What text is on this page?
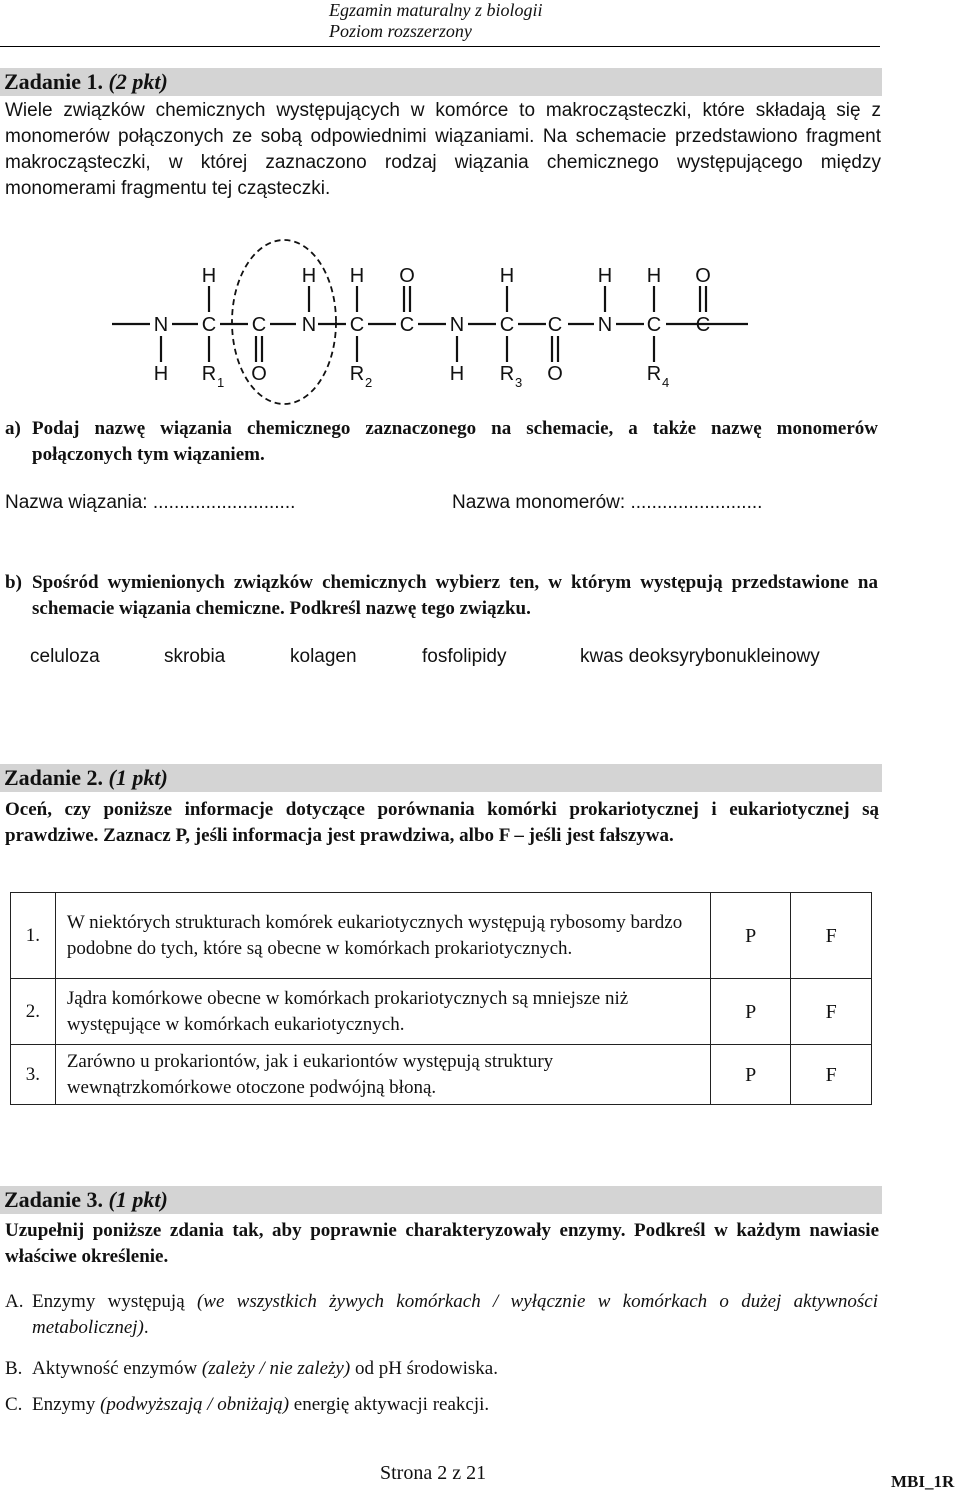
Egzamin maturalny z biologii
Poziom rozszerzony
Zadanie 1. (2 pkt)
Wiele związków chemicznych występujących w komórce to makrocząsteczki, które składają się z monomerów połączonych ze sobą odpowiednimi wiązaniami. Na schemacie przedstawiono fragment makrocząsteczki, w której zaznaczono rodzaj wiązania chemicznego występującego między monomerami fragmentu tej cząsteczki.
H	H H O	H	H H O
N C C N C C N C C N C C
H R O	R	H R O	R
1	2	3	4
a) Podaj nazwę wiązania chemicznego zaznaczonego na schemacie, a także nazwę monomerów połączonych tym wiązaniem.
Nazwa wiązania: ...........................	Nazwa monomerów: .........................
b) Spośród wymienionych związków chemicznych wybierz ten, w którym występują przedstawione na schemacie wiązania chemiczne. Podkreśl nazwę tego związku.
celuloza	skrobia	kolagen	fosfolipidy	kwas deoksyrybonukleinowy
Zadanie 2. (1 pkt)
Oceń, czy poniższe informacje dotyczące porównania komórki prokariotycznej i eukariotycznej są prawdziwe. Zaznacz P, jeśli informacja jest prawdziwa, albo F – jeśli jest fałszywa.
1.	W niektórych strukturach komórek eukariotycznych występują rybosomy bardzo podobne do tych, które są obecne w komórkach prokariotycznych.	P	F
2.	Jądra komórkowe obecne w komórkach prokariotycznych są mniejsze niż występujące w komórkach eukariotycznych.	P	F
3.	Zarówno u prokariontów, jak i eukariontów występują struktury wewnątrzkomórkowe otoczone podwójną błoną.	P	F
Zadanie 3. (1 pkt)
Uzupełnij poniższe zdania tak, aby poprawnie charakteryzowały enzymy. Podkreśl w każdym nawiasie właściwe określenie.
A. Enzymy występują (we wszystkich żywych komórkach / wyłącznie w komórkach o dużej aktywności metabolicznej).
B. Aktywność enzymów (zależy / nie zależy) od pH środowiska.
C. Enzymy (podwyższają / obniżają) energię aktywacji reakcji.
Strona 2 z 21	MBI_1R
